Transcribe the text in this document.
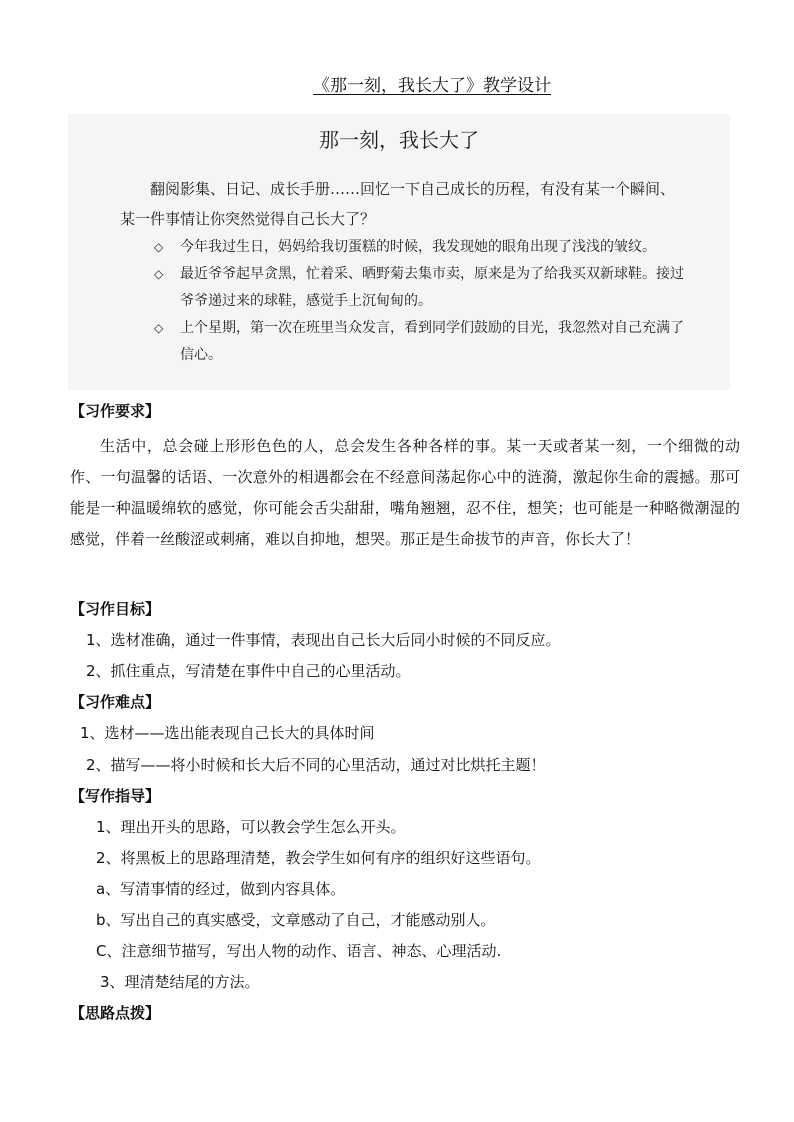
《那一刻，我长大了》教学设计
那一刻，我长大了

翻阅影集、日记、成长手册……回忆一下自己成长的历程，有没有某一个瞬间、某一件事情让你突然觉得自己长大了？

◇ 今年我过生日，妈妈给我切蛋糕的时候，我发现她的眼角出现了浅浅的皱纹。
◇ 最近爷爷起早贪黑，忙着采、晒野菊去集市卖，原来是为了给我买双新球鞋。接过爷爷递过来的球鞋，感觉手上沉甸甸的。
◇ 上个星期，第一次在班里当众发言，看到同学们鼓励的目光，我忽然对自己充满了信心。
【习作要求】

生活中，总会碰上形形色色的人，总会发生各种各样的事。某一天或者某一刻，一个细微的动作、一句温馨的话语、一次意外的相遇都会在不经意间荡起你心中的涟漪，激起你生命的震撼。那可能是一种温暖绵软的感觉，你可能会舌尖甜甜，嘴角翘翘，忍不住，想笑；也可能是一种略微潮湿的感觉，伴着一丝酸涩或刺痛，难以自抑地，想哭。那正是生命拔节的声音，你长大了！

【习作目标】
1、选材准确，通过一件事情，表现出自己长大后同小时候的不同反应。
2、抓住重点，写清楚在事件中自己的心里活动。
【习作难点】
1、选材——选出能表现自己长大的具体时间
2、描写——将小时候和长大后不同的心里活动，通过对比烘托主题！
【写作指导】
1、理出开头的思路，可以教会学生怎么开头。
2、将黑板上的思路理清楚，教会学生如何有序的组织好这些语句。
a、写清事情的经过，做到内容具体。
b、写出自己的真实感受，文章感动了自己，才能感动别人。
C、注意细节描写，写出人物的动作、语言、神态、心理活动.
3、理清楚结尾的方法。
【思路点拨】
